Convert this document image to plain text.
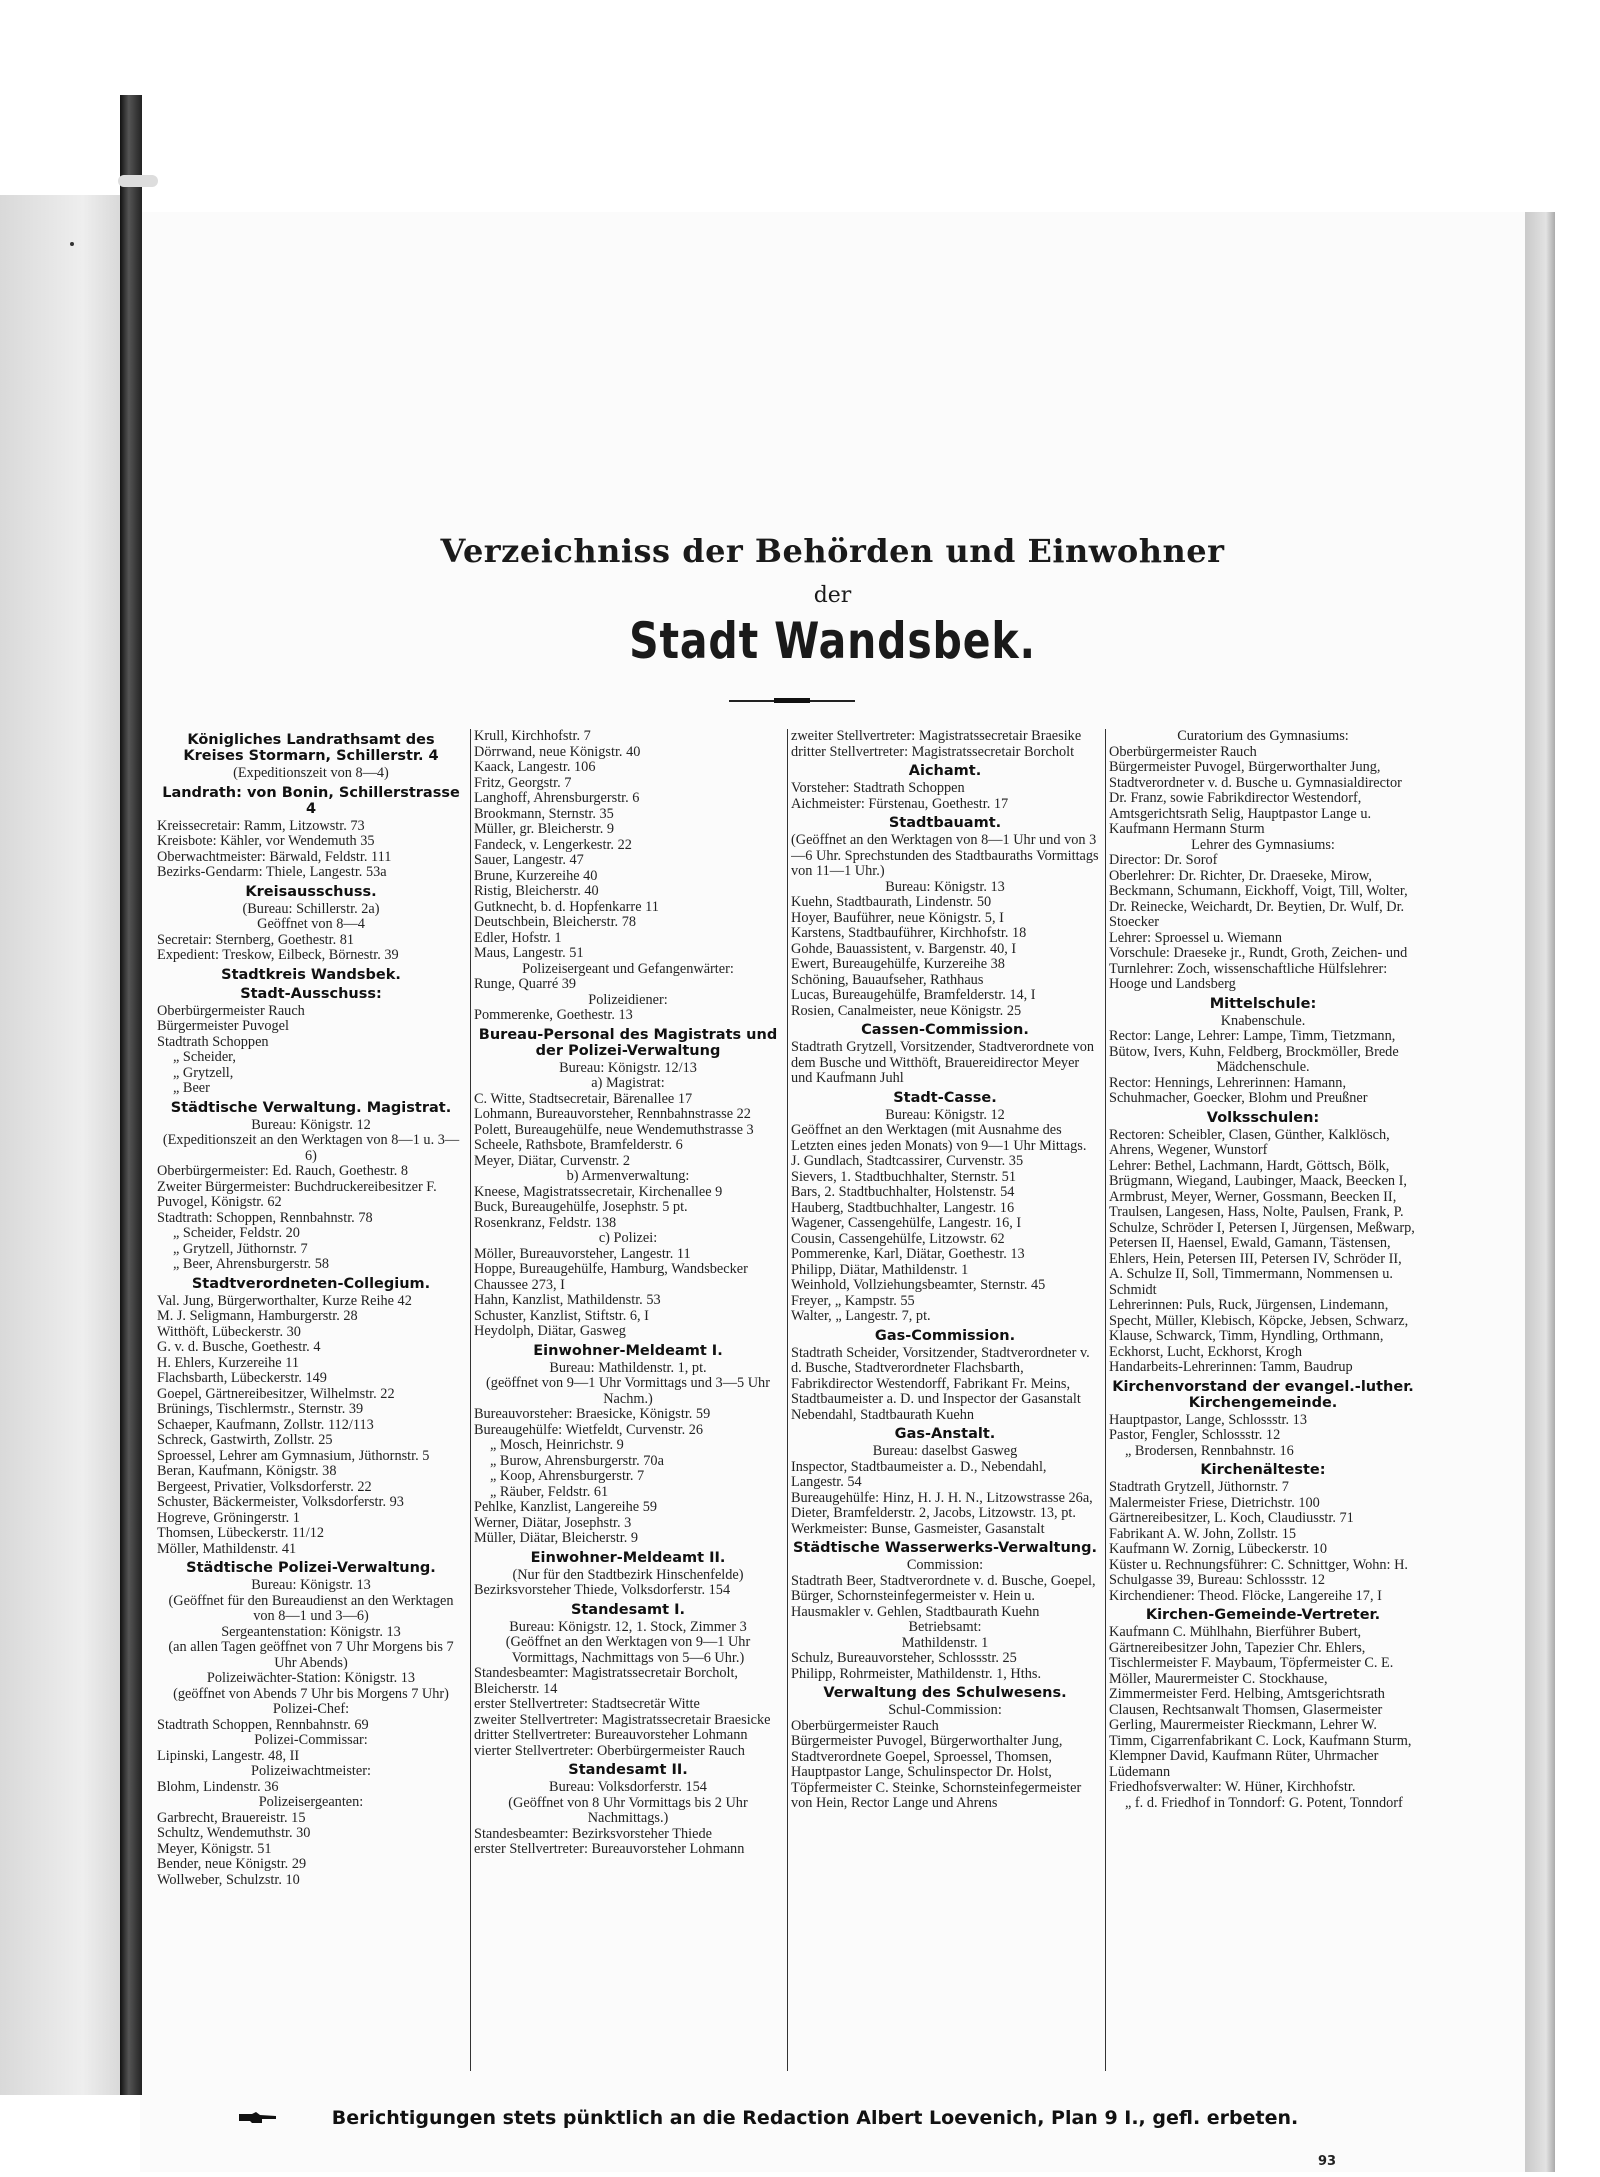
Verzeichniss der Behörden und Einwohner
der
Stadt Wandsbek.
Königliches Landrathsamt des Kreises Stormarn, Schillerstr. 4
(Expeditionszeit von 8—4)
Landrath: von Bonin, Schillerstrasse 4
Kreissecretair: Ramm, Litzowstr. 73
Kreisbote: Kähler, vor Wendemuth 35
Oberwachtmeister: Bärwald, Feldstr. 111
Bezirks-Gendarm: Thiele, Langestr. 53a
Kreisausschuss.
(Bureau: Schillerstr. 2a)
Geöffnet von 8—4
Secretair: Sternberg, Goethestr. 81
Expedient: Treskow, Eilbeck, Börnestr. 39
Stadtkreis Wandsbek.
Stadt-Ausschuss:
Oberbürgermeister Rauch
Bürgermeister Puvogel
Stadtrath Schoppen
„ Scheider,
„ Grytzell,
„ Beer
Städtische Verwaltung. Magistrat.
Bureau: Königstr. 12
(Expeditionszeit an den Werktagen von 8—1 u. 3—6)
Oberbürgermeister: Ed. Rauch, Goethestr. 8
Zweiter Bürgermeister: Buchdruckereibesitzer F. Puvogel, Königstr. 62
Stadtrath: Schoppen, Rennbahnstr. 78
„ Scheider, Feldstr. 20
„ Grytzell, Jüthornstr. 7
„ Beer, Ahrensburgerstr. 58
Stadtverordneten-Collegium.
Val. Jung, Bürgerworthalter, Kurze Reihe 42
M. J. Seligmann, Hamburgerstr. 28
Witthöft, Lübeckerstr. 30
G. v. d. Busche, Goethestr. 4
H. Ehlers, Kurzereihe 11
Flachsbarth, Lübeckerstr. 149
Goepel, Gärtnereibesitzer, Wilhelmstr. 22
Brünings, Tischlermstr., Sternstr. 39
Schaeper, Kaufmann, Zollstr. 112/113
Schreck, Gastwirth, Zollstr. 25
Sproessel, Lehrer am Gymnasium, Jüthornstr. 5
Beran, Kaufmann, Königstr. 38
Bergeest, Privatier, Volksdorferstr. 22
Schuster, Bäckermeister, Volksdorferstr. 93
Hogreve, Gröningerstr. 1
Thomsen, Lübeckerstr. 11/12
Möller, Mathildenstr. 41
Städtische Polizei-Verwaltung.
Bureau: Königstr. 13
(Geöffnet für den Bureaudienst an den Werktagen von 8—1 und 3—6)
Sergeantenstation: Königstr. 13
(an allen Tagen geöffnet von 7 Uhr Morgens bis 7 Uhr Abends)
Polizeiwächter-Station: Königstr. 13
(geöffnet von Abends 7 Uhr bis Morgens 7 Uhr)
Polizei-Chef:
Stadtrath Schoppen, Rennbahnstr. 69
Polizei-Commissar:
Lipinski, Langestr. 48, II
Polizeiwachtmeister:
Blohm, Lindenstr. 36
Polizeisergeanten:
Garbrecht, Brauereistr. 15
Schultz, Wendemuthstr. 30
Meyer, Königstr. 51
Bender, neue Königstr. 29
Wollweber, Schulzstr. 10
Krull, Kirchhofstr. 7
Dörrwand, neue Königstr. 40
Kaack, Langestr. 106
Fritz, Georgstr. 7
Langhoff, Ahrensburgerstr. 6
Brookmann, Sternstr. 35
Müller, gr. Bleicherstr. 9
Fandeck, v. Lengerkestr. 22
Sauer, Langestr. 47
Brune, Kurzereihe 40
Ristig, Bleicherstr. 40
Gutknecht, b. d. Hopfenkarre 11
Deutschbein, Bleicherstr. 78
Edler, Hofstr. 1
Maus, Langestr. 51
Polizeisergeant und Gefangenwärter:
Runge, Quarré 39
Polizeidiener:
Pommerenke, Goethestr. 13
Bureau-Personal des Magistrats und der Polizei-Verwaltung
Bureau: Königstr. 12/13
a) Magistrat:
C. Witte, Stadtsecretair, Bärenallee 17
Lohmann, Bureauvorsteher, Rennbahnstrasse 22
Polett, Bureaugehülfe, neue Wendemuthstrasse 3
Scheele, Rathsbote, Bramfelderstr. 6
Meyer, Diätar, Curvenstr. 2
b) Armenverwaltung:
Kneese, Magistratssecretair, Kirchenallee 9
Buck, Bureaugehülfe, Josephstr. 5 pt.
Rosenkranz, Feldstr. 138
c) Polizei:
Möller, Bureauvorsteher, Langestr. 11
Hoppe, Bureaugehülfe, Hamburg, Wandsbecker Chaussee 273, I
Hahn, Kanzlist, Mathildenstr. 53
Schuster, Kanzlist, Stiftstr. 6, I
Heydolph, Diätar, Gasweg
Einwohner-Meldeamt I.
Bureau: Mathildenstr. 1, pt.
(geöffnet von 9—1 Uhr Vormittags und 3—5 Uhr Nachm.)
Bureauvorsteher: Braesicke, Königstr. 59
Bureaugehülfe: Wietfeldt, Curvenstr. 26
„ Mosch, Heinrichstr. 9
„ Burow, Ahrensburgerstr. 70a
„ Koop, Ahrensburgerstr. 7
„ Räuber, Feldstr. 61
Pehlke, Kanzlist, Langereihe 59
Werner, Diätar, Josephstr. 3
Müller, Diätar, Bleicherstr. 9
Einwohner-Meldeamt II.
(Nur für den Stadtbezirk Hinschenfelde)
Bezirksvorsteher Thiede, Volksdorferstr. 154
Standesamt I.
Bureau: Königstr. 12, 1. Stock, Zimmer 3
(Geöffnet an den Werktagen von 9—1 Uhr Vormittags, Nachmittags von 5—6 Uhr.)
Standesbeamter: Magistratssecretair Borcholt, Bleicherstr. 14
erster Stellvertreter: Stadtsecretär Witte
zweiter Stellvertreter: Magistratssecretair Braesicke
dritter Stellvertreter: Bureauvorsteher Lohmann
vierter Stellvertreter: Oberbürgermeister Rauch
Standesamt II.
Bureau: Volksdorferstr. 154
(Geöffnet von 8 Uhr Vormittags bis 2 Uhr Nachmittags.)
Standesbeamter: Bezirksvorsteher Thiede
erster Stellvertreter: Bureauvorsteher Lohmann
zweiter Stellvertreter: Magistratssecretair Braesike
dritter Stellvertreter: Magistratssecretair Borcholt
Aichamt.
Vorsteher: Stadtrath Schoppen
Aichmeister: Fürstenau, Goethestr. 17
Stadtbauamt.
(Geöffnet an den Werktagen von 8—1 Uhr und von 3—6 Uhr. Sprechstunden des Stadtbauraths Vormittags von 11—1 Uhr.)
Bureau: Königstr. 13
Kuehn, Stadtbaurath, Lindenstr. 50
Hoyer, Bauführer, neue Königstr. 5, I
Karstens, Stadtbauführer, Kirchhofstr. 18
Gohde, Bauassistent, v. Bargenstr. 40, I
Ewert, Bureaugehülfe, Kurzereihe 38
Schöning, Bauaufseher, Rathhaus
Lucas, Bureaugehülfe, Bramfelderstr. 14, I
Rosien, Canalmeister, neue Königstr. 25
Cassen-Commission.
Stadtrath Grytzell, Vorsitzender, Stadtverordnete von dem Busche und Witthöft, Brauereidirector Meyer und Kaufmann Juhl
Stadt-Casse.
Bureau: Königstr. 12
Geöffnet an den Werktagen (mit Ausnahme des Letzten eines jeden Monats) von 9—1 Uhr Mittags.
J. Gundlach, Stadtcassirer, Curvenstr. 35
Sievers, 1. Stadtbuchhalter, Sternstr. 51
Bars, 2. Stadtbuchhalter, Holstenstr. 54
Hauberg, Stadtbuchhalter, Langestr. 16
Wagener, Cassengehülfe, Langestr. 16, I
Cousin, Cassengehülfe, Litzowstr. 62
Pommerenke, Karl, Diätar, Goethestr. 13
Philipp, Diätar, Mathildenstr. 1
Weinhold, Vollziehungsbeamter, Sternstr. 45
Freyer, „ Kampstr. 55
Walter, „ Langestr. 7, pt.
Gas-Commission.
Stadtrath Scheider, Vorsitzender, Stadtverordneter v. d. Busche, Stadtverordneter Flachsbarth, Fabrikdirector Westendorff, Fabrikant Fr. Meins, Stadtbaumeister a. D. und Inspector der Gasanstalt Nebendahl, Stadtbaurath Kuehn
Gas-Anstalt.
Bureau: daselbst Gasweg
Inspector, Stadtbaumeister a. D., Nebendahl, Langestr. 54
Bureaugehülfe: Hinz, H. J. H. N., Litzowstrasse 26a, Dieter, Bramfelderstr. 2, Jacobs, Litzowstr. 13, pt.
Werkmeister: Bunse, Gasmeister, Gasanstalt
Städtische Wasserwerks-Verwaltung.
Commission:
Stadtrath Beer, Stadtverordnete v. d. Busche, Goepel, Bürger, Schornsteinfegermeister v. Hein u. Hausmakler v. Gehlen, Stadtbaurath Kuehn
Betriebsamt:
Mathildenstr. 1
Schulz, Bureauvorsteher, Schlossstr. 25
Philipp, Rohrmeister, Mathildenstr. 1, Hths.
Verwaltung des Schulwesens.
Schul-Commission:
Oberbürgermeister Rauch
Bürgermeister Puvogel, Bürgerworthalter Jung, Stadtverordnete Goepel, Sproessel, Thomsen, Hauptpastor Lange, Schulinspector Dr. Holst, Töpfermeister C. Steinke, Schornsteinfegermeister von Hein, Rector Lange und Ahrens
Curatorium des Gymnasiums:
Oberbürgermeister Rauch
Bürgermeister Puvogel, Bürgerworthalter Jung, Stadtverordneter v. d. Busche u. Gymnasialdirector Dr. Franz, sowie Fabrikdirector Westendorf, Amtsgerichtsrath Selig, Hauptpastor Lange u. Kaufmann Hermann Sturm
Lehrer des Gymnasiums:
Director: Dr. Sorof
Oberlehrer: Dr. Richter, Dr. Draeseke, Mirow, Beckmann, Schumann, Eickhoff, Voigt, Till, Wolter, Dr. Reinecke, Weichardt, Dr. Beytien, Dr. Wulf, Dr. Stoecker
Lehrer: Sproessel u. Wiemann
Vorschule: Draeseke jr., Rundt, Groth, Zeichen- und Turnlehrer: Zoch, wissenschaftliche Hülfslehrer: Hooge und Landsberg
Mittelschule:
Knabenschule.
Rector: Lange, Lehrer: Lampe, Timm, Tietzmann, Bütow, Ivers, Kuhn, Feldberg, Brockmöller, Brede
Mädchenschule.
Rector: Hennings, Lehrerinnen: Hamann, Schuhmacher, Goecker, Blohm und Preußner
Volksschulen:
Rectoren: Scheibler, Clasen, Günther, Kalklösch, Ahrens, Wegener, Wunstorf
Lehrer: Bethel, Lachmann, Hardt, Göttsch, Bölk, Brügmann, Wiegand, Laubinger, Maack, Beecken I, Armbrust, Meyer, Werner, Gossmann, Beecken II, Traulsen, Langesen, Hass, Nolte, Paulsen, Frank, P. Schulze, Schröder I, Petersen I, Jürgensen, Meßwarp, Petersen II, Haensel, Ewald, Gamann, Tästensen, Ehlers, Hein, Petersen III, Petersen IV, Schröder II, A. Schulze II, Soll, Timmermann, Nommensen u. Schmidt
Lehrerinnen: Puls, Ruck, Jürgensen, Lindemann, Specht, Müller, Klebisch, Köpcke, Jebsen, Schwarz, Klause, Schwarck, Timm, Hyndling, Orthmann, Eckhorst, Lucht, Eckhorst, Krogh
Handarbeits-Lehrerinnen: Tamm, Baudrup
Kirchenvorstand der evangel.-luther. Kirchengemeinde.
Hauptpastor, Lange, Schlossstr. 13
Pastor, Fengler, Schlossstr. 12
„ Brodersen, Rennbahnstr. 16
Kirchenälteste:
Stadtrath Grytzell, Jüthornstr. 7
Malermeister Friese, Dietrichstr. 100
Gärtnereibesitzer, L. Koch, Claudiusstr. 71
Fabrikant A. W. John, Zollstr. 15
Kaufmann W. Zornig, Lübeckerstr. 10
Küster u. Rechnungsführer: C. Schnittger, Wohn: H. Schulgasse 39, Bureau: Schlossstr. 12
Kirchendiener: Theod. Flöcke, Langereihe 17, I
Kirchen-Gemeinde-Vertreter.
Kaufmann C. Mühlhahn, Bierführer Bubert, Gärtnereibesitzer John, Tapezier Chr. Ehlers, Tischlermeister F. Maybaum, Töpfermeister C. E. Möller, Maurermeister C. Stockhause, Zimmermeister Ferd. Helbing, Amtsgerichtsrath Clausen, Rechtsanwalt Thomsen, Glasermeister Gerling, Maurermeister Rieckmann, Lehrer W. Timm, Cigarrenfabrikant C. Lock, Kaufmann Sturm, Klempner David, Kaufmann Rüter, Uhrmacher Lüdemann
Friedhofsverwalter: W. Hüner, Kirchhofstr.
„ f. d. Friedhof in Tonndorf: G. Potent, Tonndorf
Berichtigungen stets pünktlich an die Redaction Albert Loevenich, Plan 9 I., gefl. erbeten.
93
